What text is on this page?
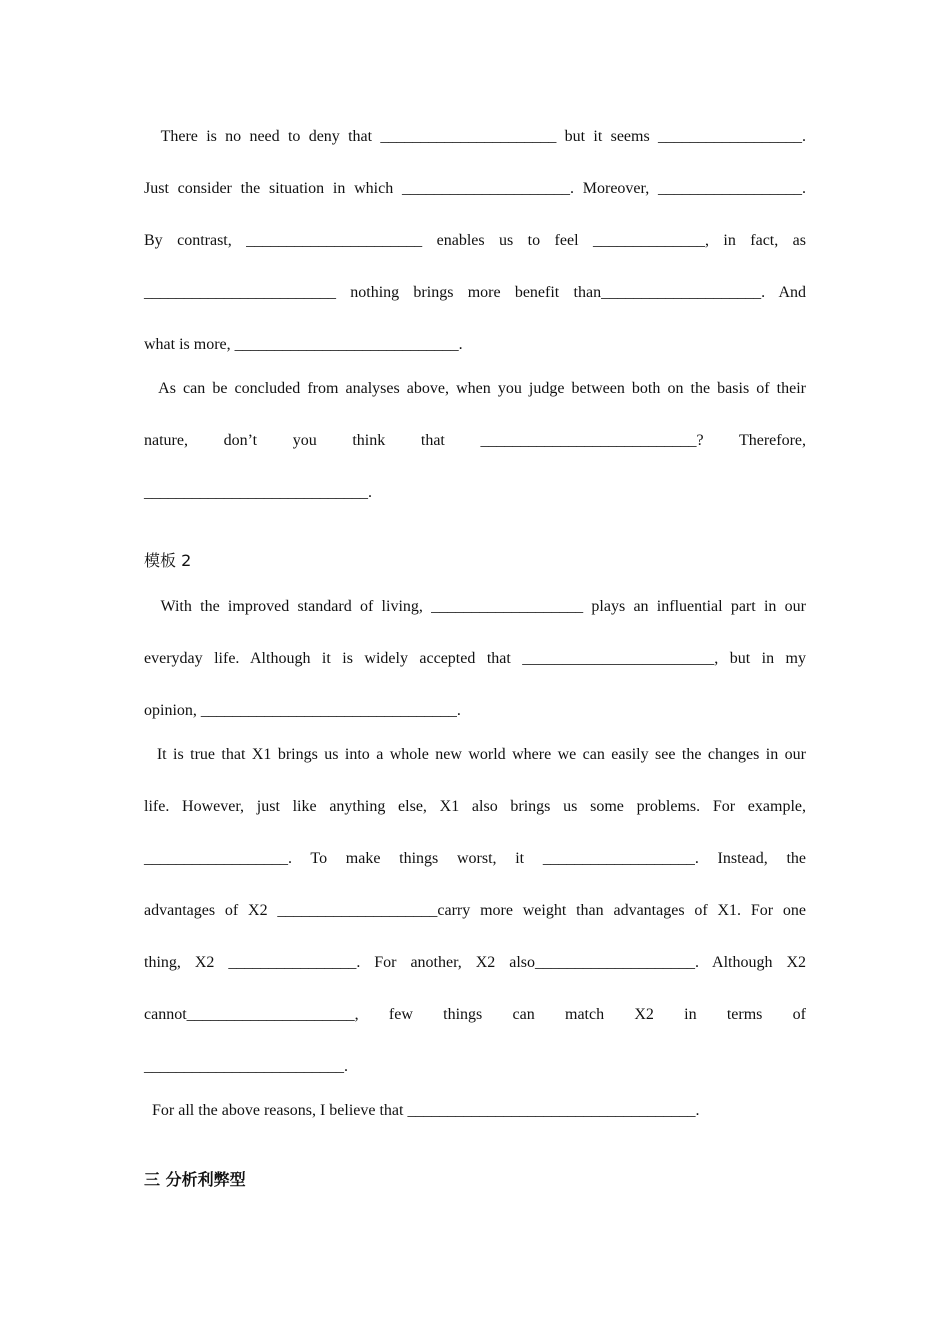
There is no need to deny that ______________________ but it seems __________________.
Just consider the situation in which _____________________. Moreover, __________________.
By contrast, ______________________ enables us to feel ______________, in fact, as
________________________ nothing brings more benefit than____________________. And
what is more, ____________________________.
As can be concluded from analyses above, when you judge between both on the basis of their
nature, don’t you think that ___________________________? Therefore,
____________________________.
模板 2
With the improved standard of living, ___________________ plays an influential part in our
everyday life. Although it is widely accepted that ________________________, but in my
opinion, ________________________________.
It is true that X1 brings us into a whole new world where we can easily see the changes in our
life. However, just like anything else, X1 also brings us some problems. For example,
__________________. To make things worst, it ___________________. Instead, the
advantages of X2 ____________________carry more weight than advantages of X1. For one
thing, X2 ________________. For another, X2 also____________________. Although X2
cannot_____________________, few things can match X2 in terms of
_________________________.
For all the above reasons, I believe that ____________________________________.
三 分析利弊型
